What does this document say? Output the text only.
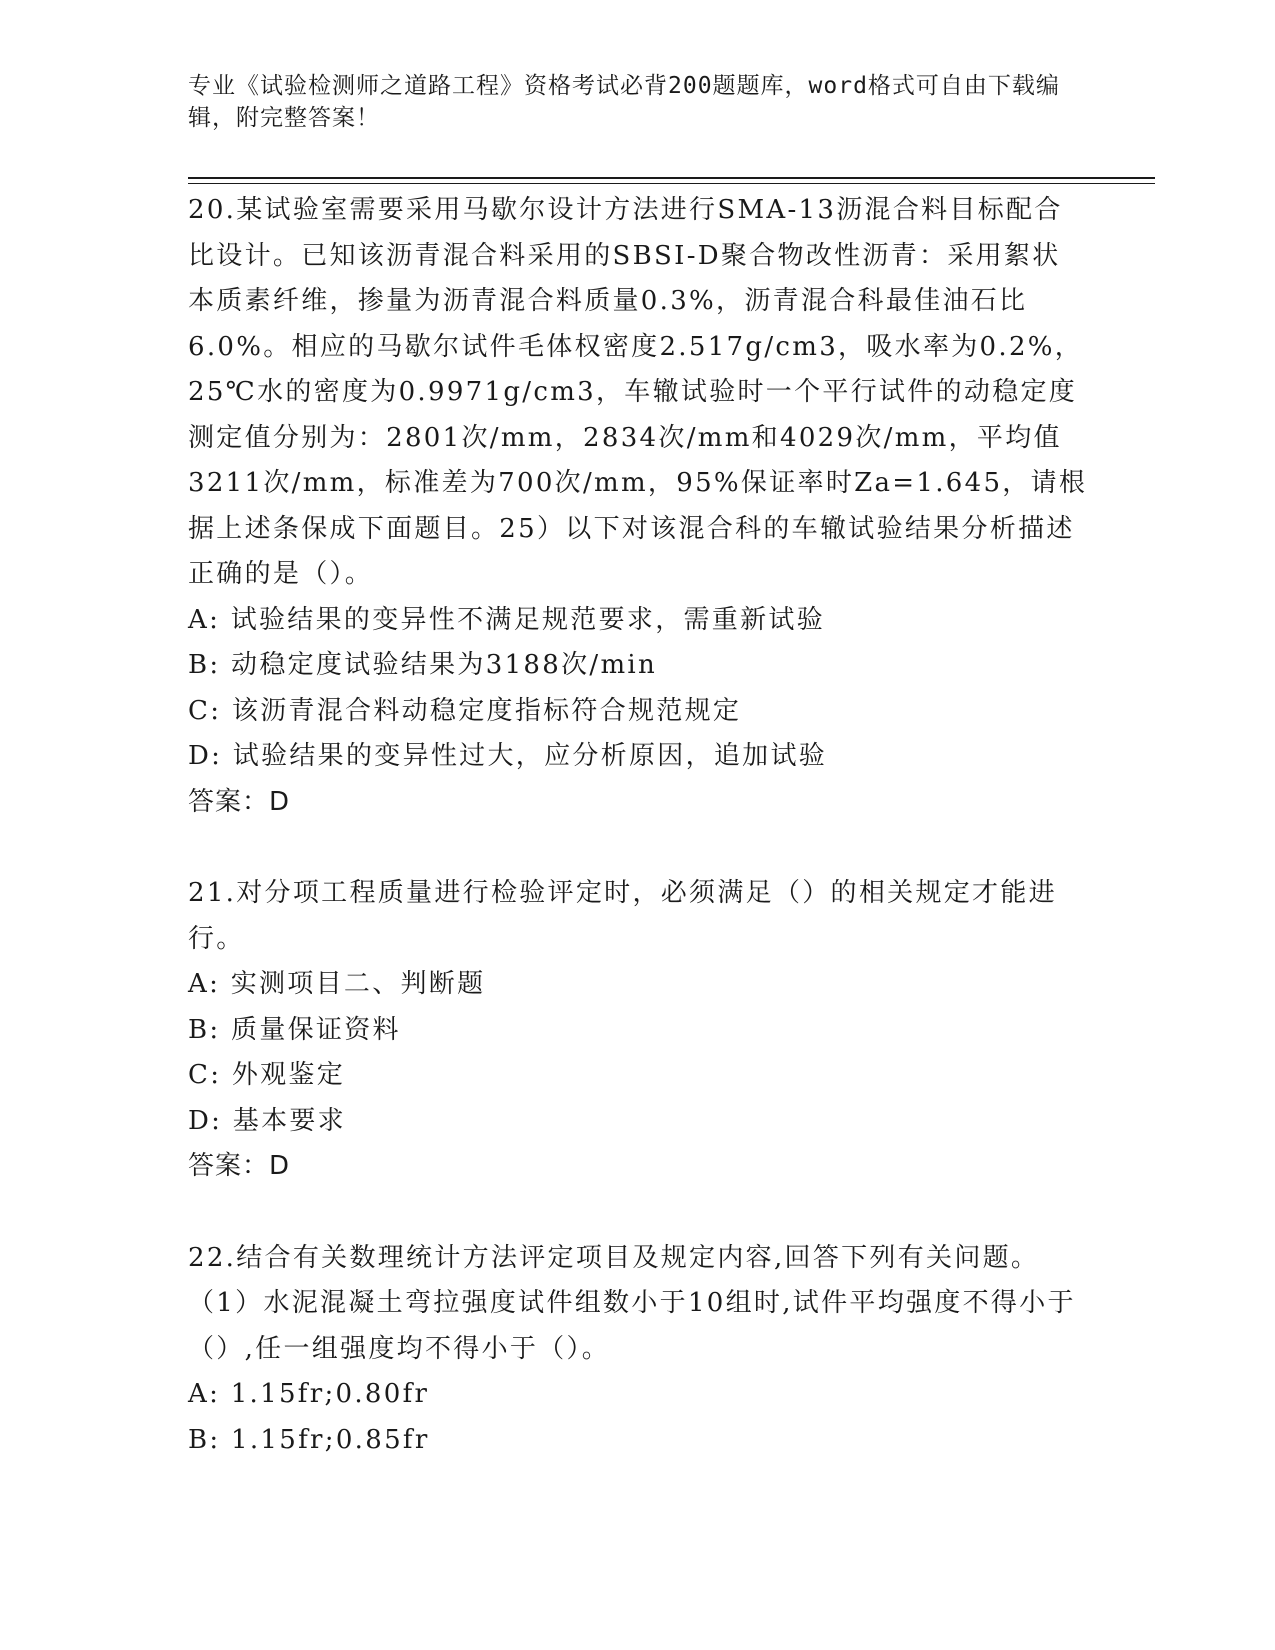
专业《试验检测师之道路工程》资格考试必背200题题库，word格式可自由下载编辑，附完整答案！

20.某试验室需要采用马歇尔设计方法进行SMA-13沥混合料目标配合比设计。已知该沥青混合料采用的SBSI-D聚合物改性沥青：采用絮状本质素纤维，掺量为沥青混合料质量0.3%，沥青混合科最佳油石比6.0%。相应的马歇尔试件毛体权密度2.517g/cm3，吸水率为0.2%，25℃水的密度为0.9971g/cm3，车辙试验时一个平行试件的动稳定度测定值分别为：2801次/mm，2834次/mm和4029次/mm，平均值3211次/mm，标准差为700次/mm，95%保证率时Za=1.645，请根据上述条保成下面题目。25）以下对该混合科的车辙试验结果分析描述正确的是（）。

A: 试验结果的变异性不满足规范要求，需重新试验

B: 动稳定度试验结果为3188次/min

C: 该沥青混合料动稳定度指标符合规范规定

D: 试验结果的变异性过大，应分析原因，追加试验

答案：D

21.对分项工程质量进行检验评定时，必须满足（）的相关规定才能进行。

A: 实测项目二、判断题

B: 质量保证资料

C: 外观鉴定

D: 基本要求

答案：D

22.结合有关数理统计方法评定项目及规定内容,回答下列有关问题。（1）水泥混凝土弯拉强度试件组数小于10组时,试件平均强度不得小于（）,任一组强度均不得小于（）。

A: 1.15fr;0.80fr

B: 1.15fr;0.85fr
